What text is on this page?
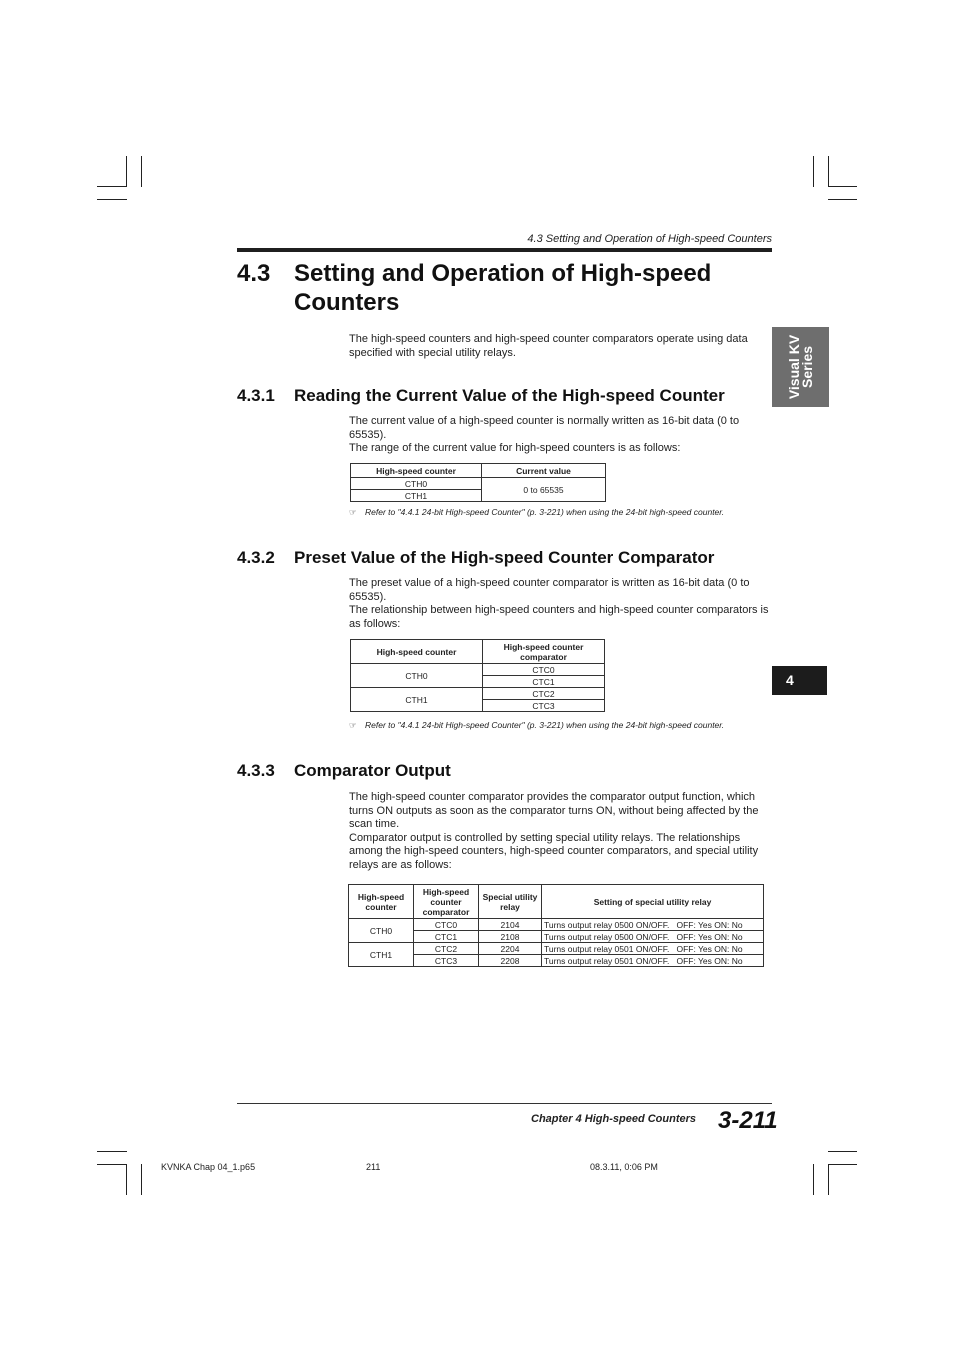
4.3 Setting and Operation of High-speed Counters
Visual KV
Series
4
4.3 Setting and Operation of High-speed Counters

The high-speed counters and high-speed counter comparators operate using data specified with special utility relays.

4.3.1 Reading the Current Value of the High-speed Counter

The current value of a high-speed counter is normally written as 16-bit data (0 to 65535).

The range of the current value for high-speed counters is as follows:

High-speed counter	Current value
CTH0	0 to 65535
CTH1	
☞ Refer to "4.4.1 24-bit High-speed Counter" (p. 3-221) when using the 24-bit high-speed counter.
4.3.2 Preset Value of the High-speed Counter Comparator

The preset value of a high-speed counter comparator is written as 16-bit data (0 to 65535).

The relationship between high-speed counters and high-speed counter comparators is as follows:

High-speed counter	High-speed counter comparator
CTH0	CTC0
	CTC1
CTH1	CTC2
	CTC3
☞ Refer to "4.4.1 24-bit High-speed Counter" (p. 3-221) when using the 24-bit high-speed counter.
4.3.3 Comparator Output

The high-speed counter comparator provides the comparator output function, which turns ON outputs as soon as the comparator turns ON, without being affected by the scan time.

Comparator output is controlled by setting special utility relays. The relationships among the high-speed counters, high-speed counter comparators, and special utility relays are as follows:

High-speed counter	High-speed counter comparator	Special utility relay	Setting of special utility relay
CTH0	CTC0	2104	Turns output relay 0500 ON/OFF. OFF: Yes ON: No
	CTC1	2108	Turns output relay 0500 ON/OFF. OFF: Yes ON: No
CTH1	CTC2	2204	Turns output relay 0501 ON/OFF. OFF: Yes ON: No
	CTC3	2208	Turns output relay 0501 ON/OFF. OFF: Yes ON: No
Chapter 4 High-speed Counters 3-211
KVNKA Chap 04_1.p65	211	08.3.11, 0:06 PM
